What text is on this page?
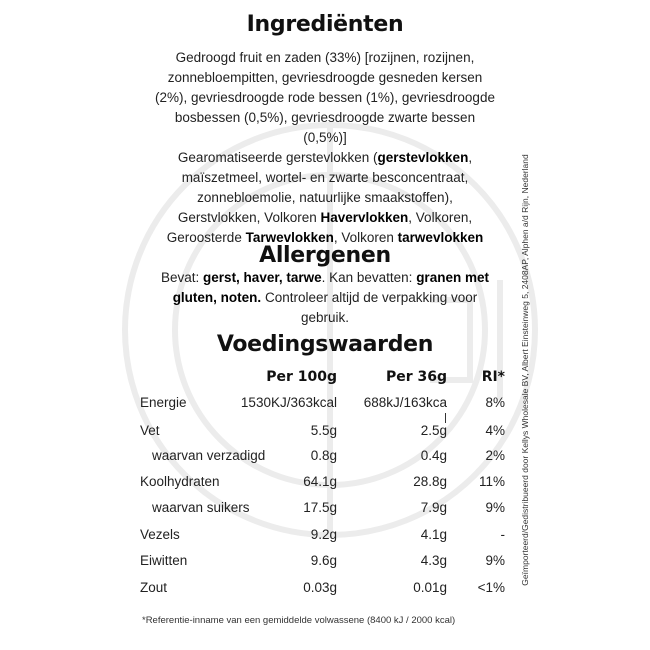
Ingrediënten
Gedroogd fruit en zaden (33%) [rozijnen, rozijnen,
zonnebloempitten, gevriesdroogde gesneden kersen
(2%), gevriesdroogde rode bessen (1%), gevriesdroogde
bosbessen (0,5%), gevriesdroogde zwarte bessen
(0,5%)]
Gearomatiseerde gerstevlokken (gerstevlokken,
maïszetmeel, wortel- en zwarte besconcentraat,
zonnebloemolie, natuurlijke smaakstoffen),
Gerstvlokken, Volkoren Havervlokken, Volkoren,
Geroosterde Tarwevlokken, Volkoren tarwevlokken
Allergenen
Bevat: gerst, haver, tarwe. Kan bevatten: granen met
gluten, noten. Controleer altijd de verpakking voor
gebruik.
Voedingswaarden
Per 100g	Per 36g RI*
Energie	1530KJ/363kcal 688kJ/163kca	8%
Vet	5.5g	2.5g	4%
waarvan verzadigd	0.8g	0.4g	2%
Koolhydraten	64.1g	28.8g 11%
waarvan suikers	17.5g	7.9g	9%
Vezels	9.2g	4.1g	-
Eiwitten	9.6g	4.3g	9%
Zout	0.03g	0.01g <1%
*Referentie-inname van een gemiddelde volwassene (8400 kJ / 2000 kcal)
Geïmporteerd/Gedistribueerd door Kellys Wholesale BV, Albert Einsteinweg 5, 2408AP, Alphen a/d Rijn, Nederland
